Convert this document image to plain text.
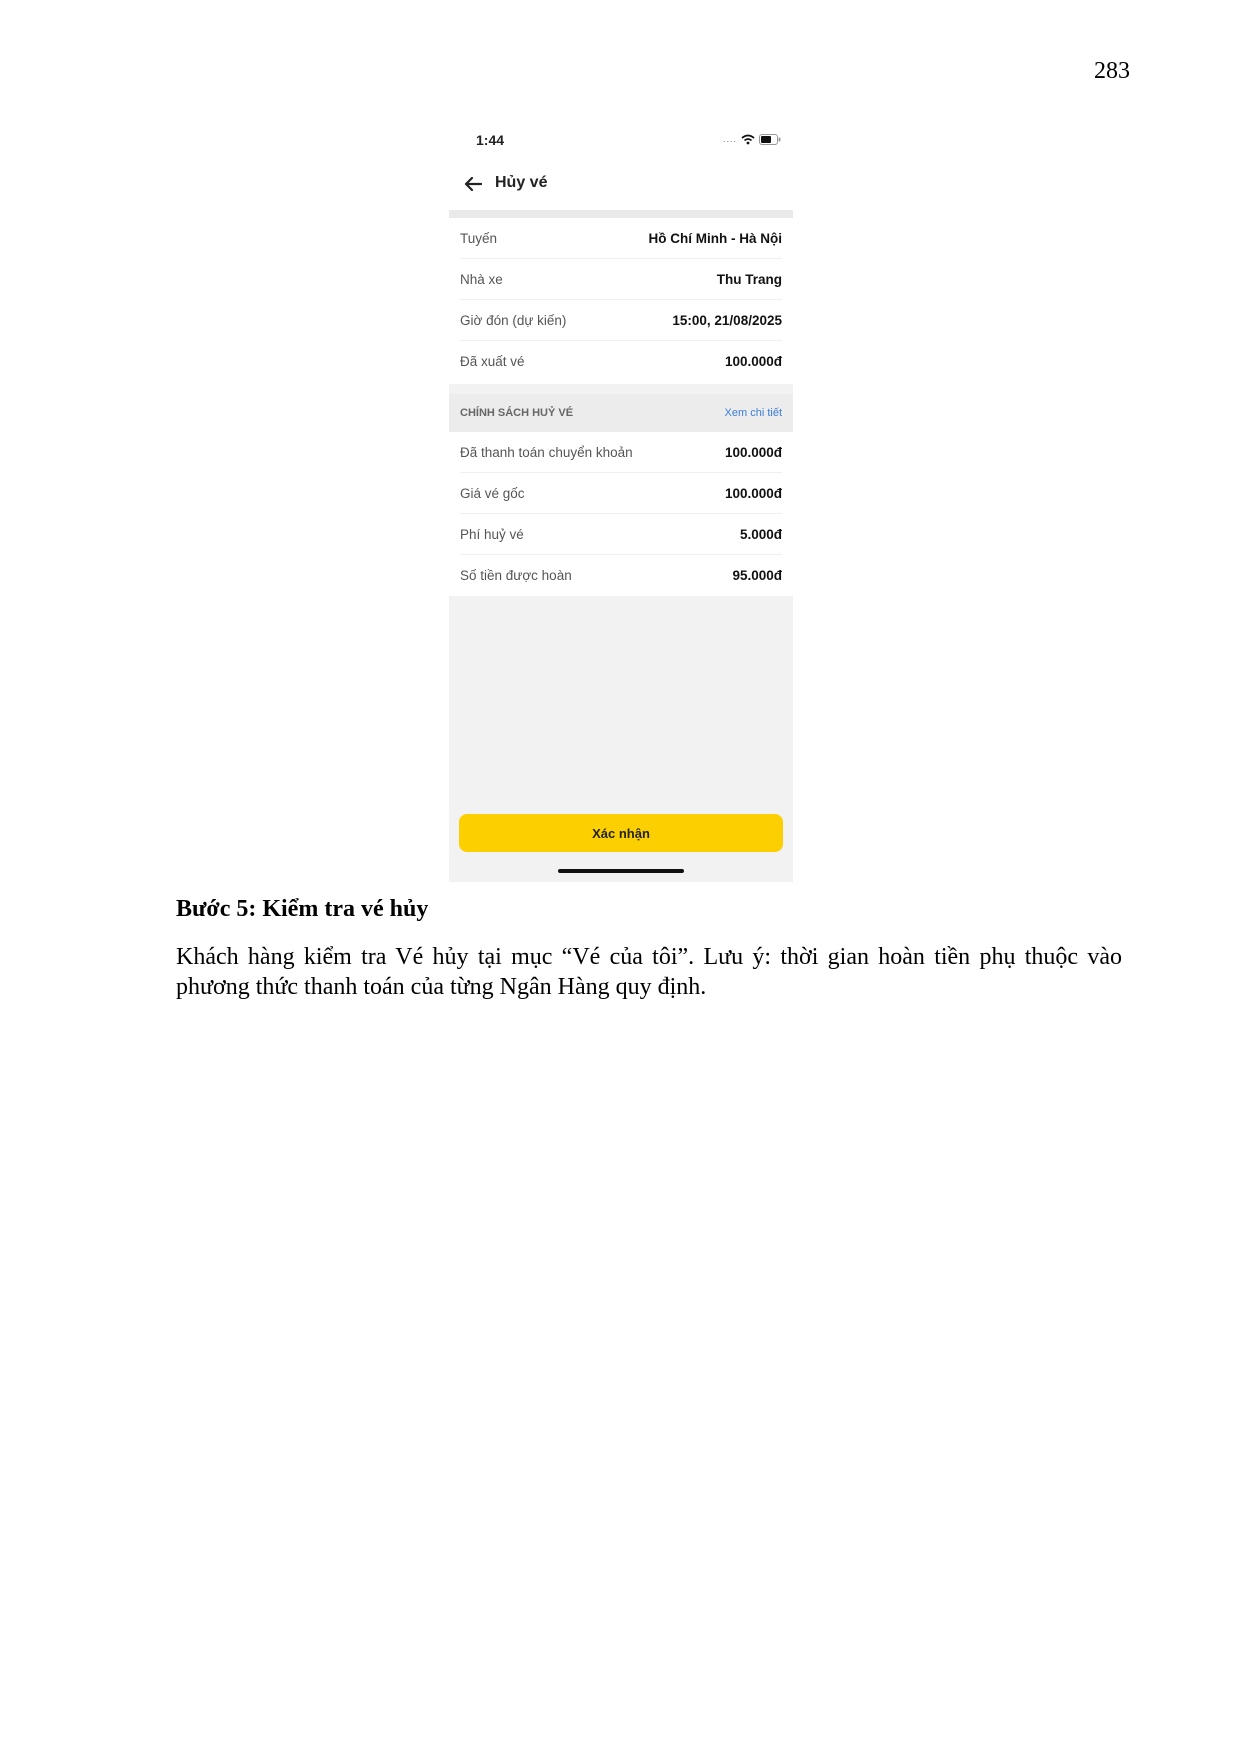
283
1:44	....
Hủy vé
Tuyến	Hồ Chí Minh - Hà Nội
Nhà xe	Thu Trang
Giờ đón (dự kiến)	15:00, 21/08/2025
Đã xuất vé	100.000đ
CHÍNH SÁCH HUỶ VÉ	Xem chi tiết
Đã thanh toán chuyển khoản	100.000đ
Giá vé gốc	100.000đ
Phí huỷ vé	5.000đ
Số tiền được hoàn	95.000đ
Xác nhận
Bước 5: Kiểm tra vé hủy
Khách hàng kiểm tra Vé hủy tại mục “Vé của tôi”. Lưu ý: thời gian hoàn tiền phụ thuộc vào phương thức thanh toán của từng Ngân Hàng quy định.
